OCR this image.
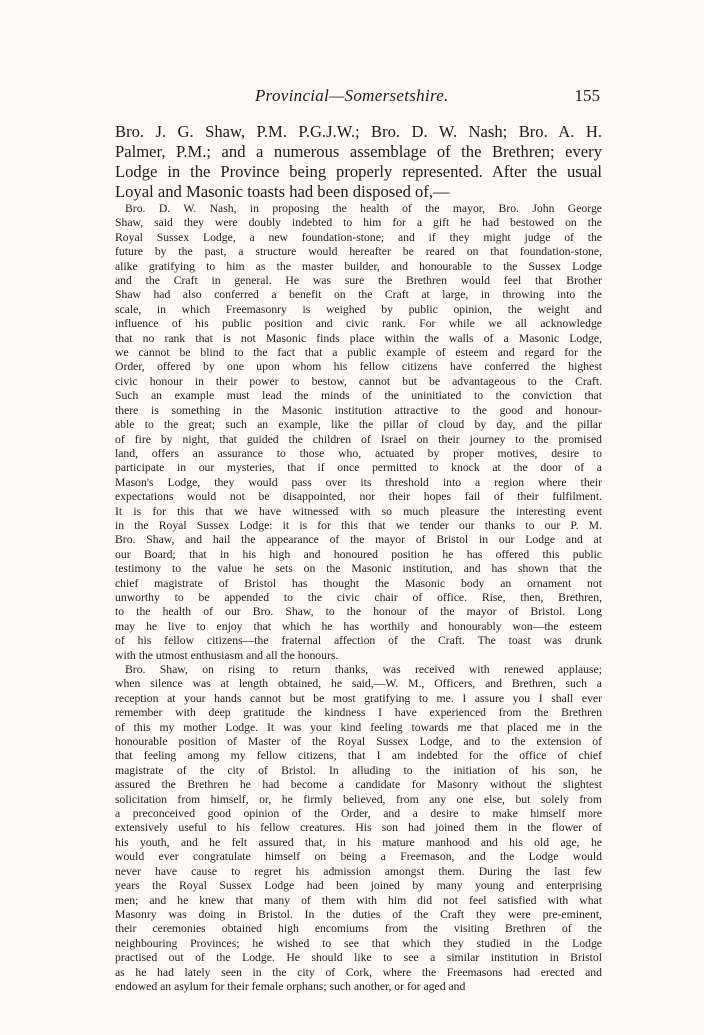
Provincial—Somersetshire.	155

Bro. J. G. Shaw, P.M. P.G.J.W.; Bro. D. W. Nash; Bro. A. H.

Palmer, P.M.; and a numerous assemblage of the Brethren; every

Lodge in the Province being properly represented. After the usual

Loyal and Masonic toasts had been disposed of,—

Bro. D. W. Nash, in proposing the health of the mayor, Bro. John George
Shaw, said they were doubly indebted to him for a gift he had bestowed on the
Royal Sussex Lodge, a new foundation-stone; and if they might judge of the
future by the past, a structure would hereafter be reared on that foundation-stone,
alike gratifying to him as the master builder, and honourable to the Sussex Lodge
and the Craft in general. He was sure the Brethren would feel that Brother
Shaw had also conferred a benefit on the Craft at large, in throwing into the
scale, in which Freemasonry is weighed by public opinion, the weight and
influence of his public position and civic rank. For while we all acknowledge
that no rank that is not Masonic finds place within the walls of a Masonic Lodge,
we cannot be blind to the fact that a public example of esteem and regard for the
Order, offered by one upon whom his fellow citizens have conferred the highest
civic honour in their power to bestow, cannot but be advantageous to the Craft.
Such an example must lead the minds of the uninitiated to the conviction that
there is something in the Masonic institution attractive to the good and honour-
able to the great; such an example, like the pillar of cloud by day, and the pillar
of fire by night, that guided the children of Israel on their journey to the promised
land, offers an assurance to those who, actuated by proper motives, desire to
participate in our mysteries, that if once permitted to knock at the door of a
Mason's Lodge, they would pass over its threshold into a region where their
expectations would not be disappointed, nor their hopes fail of their fulfilment.
It is for this that we have witnessed with so much pleasure the interesting event
in the Royal Sussex Lodge: it is for this that we tender our thanks to our P. M.
Bro. Shaw, and hail the appearance of the mayor of Bristol in our Lodge and at
our Board; that in his high and honoured position he has offered this public
testimony to the value he sets on the Masonic institution, and has shown that the
chief magistrate of Bristol has thought the Masonic body an ornament not
unworthy to be appended to the civic chair of office. Rise, then, Brethren,
to the health of our Bro. Shaw, to the honour of the mayor of Bristol. Long
may he live to enjoy that which he has worthily and honourably won—the esteem
of his fellow citizens—the fraternal affection of the Craft. The toast was drunk
with the utmost enthusiasm and all the honours.
Bro. Shaw, on rising to return thanks, was received with renewed applause;
when silence was at length obtained, he said,—W. M., Officers, and Brethren, such a
reception at your hands cannot but be most gratifying to me. I assure you I shall ever
remember with deep gratitude the kindness I have experienced from the Brethren
of this my mother Lodge. It was your kind feeling towards me that placed me in the
honourable position of Master of the Royal Sussex Lodge, and to the extension of
that feeling among my fellow citizens, that I am indebted for the office of chief
magistrate of the city of Bristol. In alluding to the initiation of his son, he
assured the Brethren he had become a candidate for Masonry without the slightest
solicitation from himself, or, he firmly believed, from any one else, but solely from
a preconceived good opinion of the Order, and a desire to make himself more
extensively useful to his fellow creatures. His son had joined them in the flower of
his youth, and he felt assured that, in his mature manhood and his old age, he
would ever congratulate himself on being a Freemason, and the Lodge would
never have cause to regret his admission amongst them. During the last few
years the Royal Sussex Lodge had been joined by many young and enterprising
men; and he knew that many of them with him did not feel satisfied with what
Masonry was doing in Bristol. In the duties of the Craft they were pre-eminent,
their ceremonies obtained high encomiums from the visiting Brethren of the
neighbouring Provinces; he wished to see that which they studied in the Lodge
practised out of the Lodge. He should like to see a similar institution in Bristol
as he had lately seen in the city of Cork, where the Freemasons had erected and
endowed an asylum for their female orphans; such another, or for aged and
